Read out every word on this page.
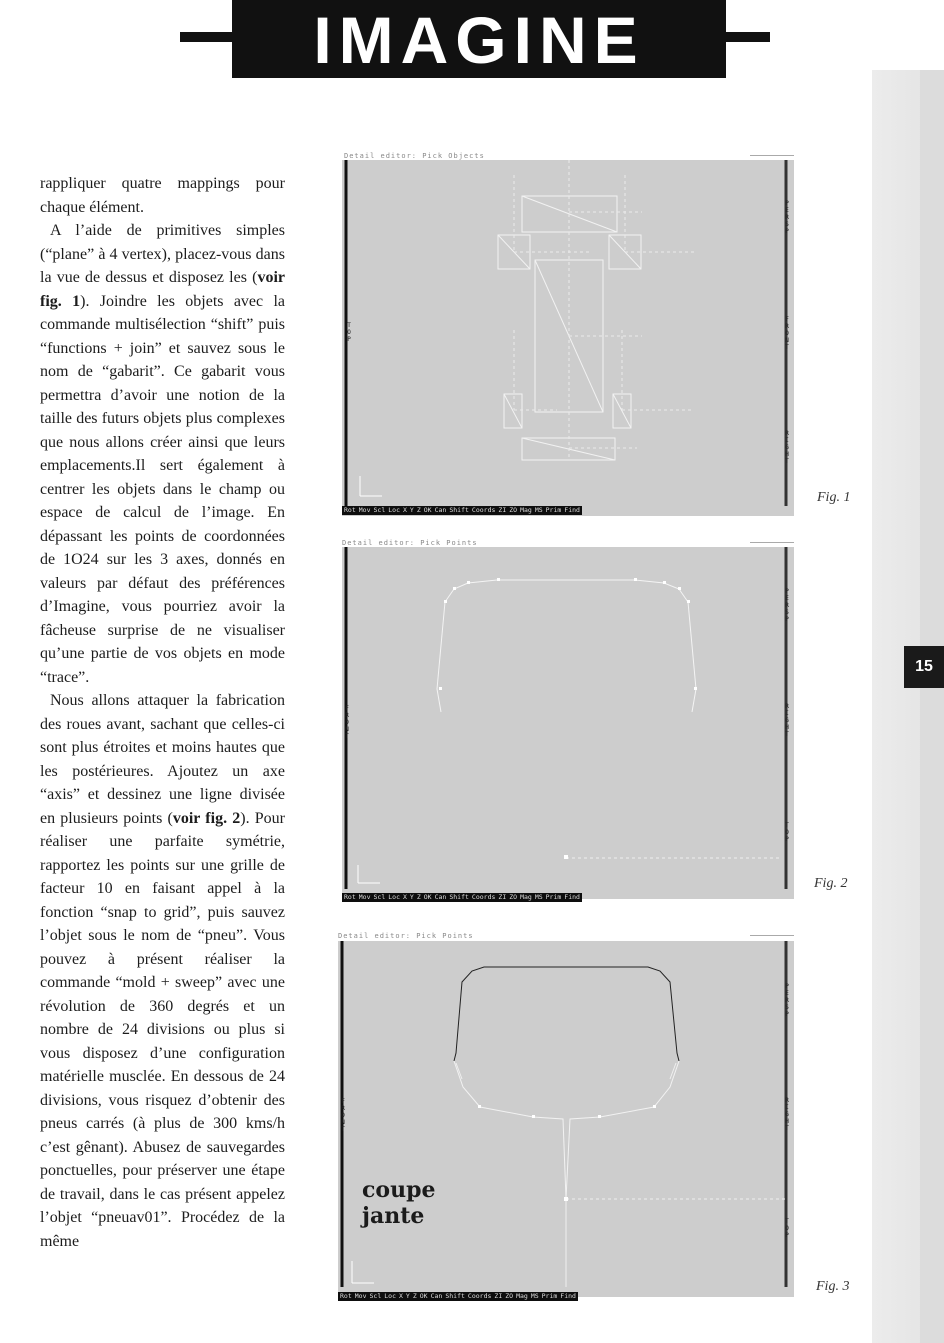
IMAGINE
15

rappliquer quatre mappings pour chaque élément.

A l’aide de primitives simples (“plane” à 4 vertex), placez-vous dans la vue de dessus et disposez les (voir fig. 1). Joindre les objets avec la commande multisélection “shift” puis “functions + join” et sauvez sous le nom de “gabarit”. Ce gabarit vous permettra d’avoir une notion de la taille des futurs objets plus complexes que nous allons créer ainsi que leurs emplacements.Il sert également à centrer les objets dans le champ ou espace de calcul de l’image. En dépassant les points de coordonnées de 1O24 sur les 3 axes, donnés en valeurs par défaut des préférences d’Imagine, vous pourriez avoir la fâcheuse surprise de ne visualiser qu’une partie de vos objets en mode “trace”.

Nous allons attaquer la fabrication des roues avant, sachant que celles-ci sont plus étroites et moins hautes que les postérieures. Ajoutez un axe “axis” et dessinez une ligne divisée en plusieurs points (voir fig. 2). Pour réaliser une parfaite symétrie, rapportez les points sur une grille de facteur 10 en faisant appel à la fonction “snap to grid”, puis sauvez l’objet sous le nom de “pneu”. Vous pouvez à présent réaliser la commande “mold + sweep” avec une révolution de 360 degrés et un nombre de 24 divisions ou plus si vous disposez d’une configuration matérielle musclée. En dessous de 24 divisions, vous risquez d’obtenir des pneus carrés (à plus de 300 kms/h c’est gênant). Abusez de sauvegardes ponctuelles, pour préserver une étape de travail, dans le cas présent appelez l’objet “pneuav01”. Procédez de la même

Detail editor: Pick Objects
TOP
PERSP
FRONT
RIGHT
Rot Mov Scl Loc X Y Z OK Can Shift Coords ZI ZO Mag MS Prim Find
Fig. 1
Detail editor: Pick Points
FRONT
PERSP
RIGHT
TOP
Rot Mov Scl Loc X Y Z OK Can Shift Coords ZI ZO Mag MS Prim Find
Fig. 2
Detail editor: Pick Points
FRONT
PERSP
RIGHT
TOP
coupe
jante
Rot Mov Scl Loc X Y Z OK Can Shift Coords ZI ZO Mag MS Prim Find
Fig. 3
